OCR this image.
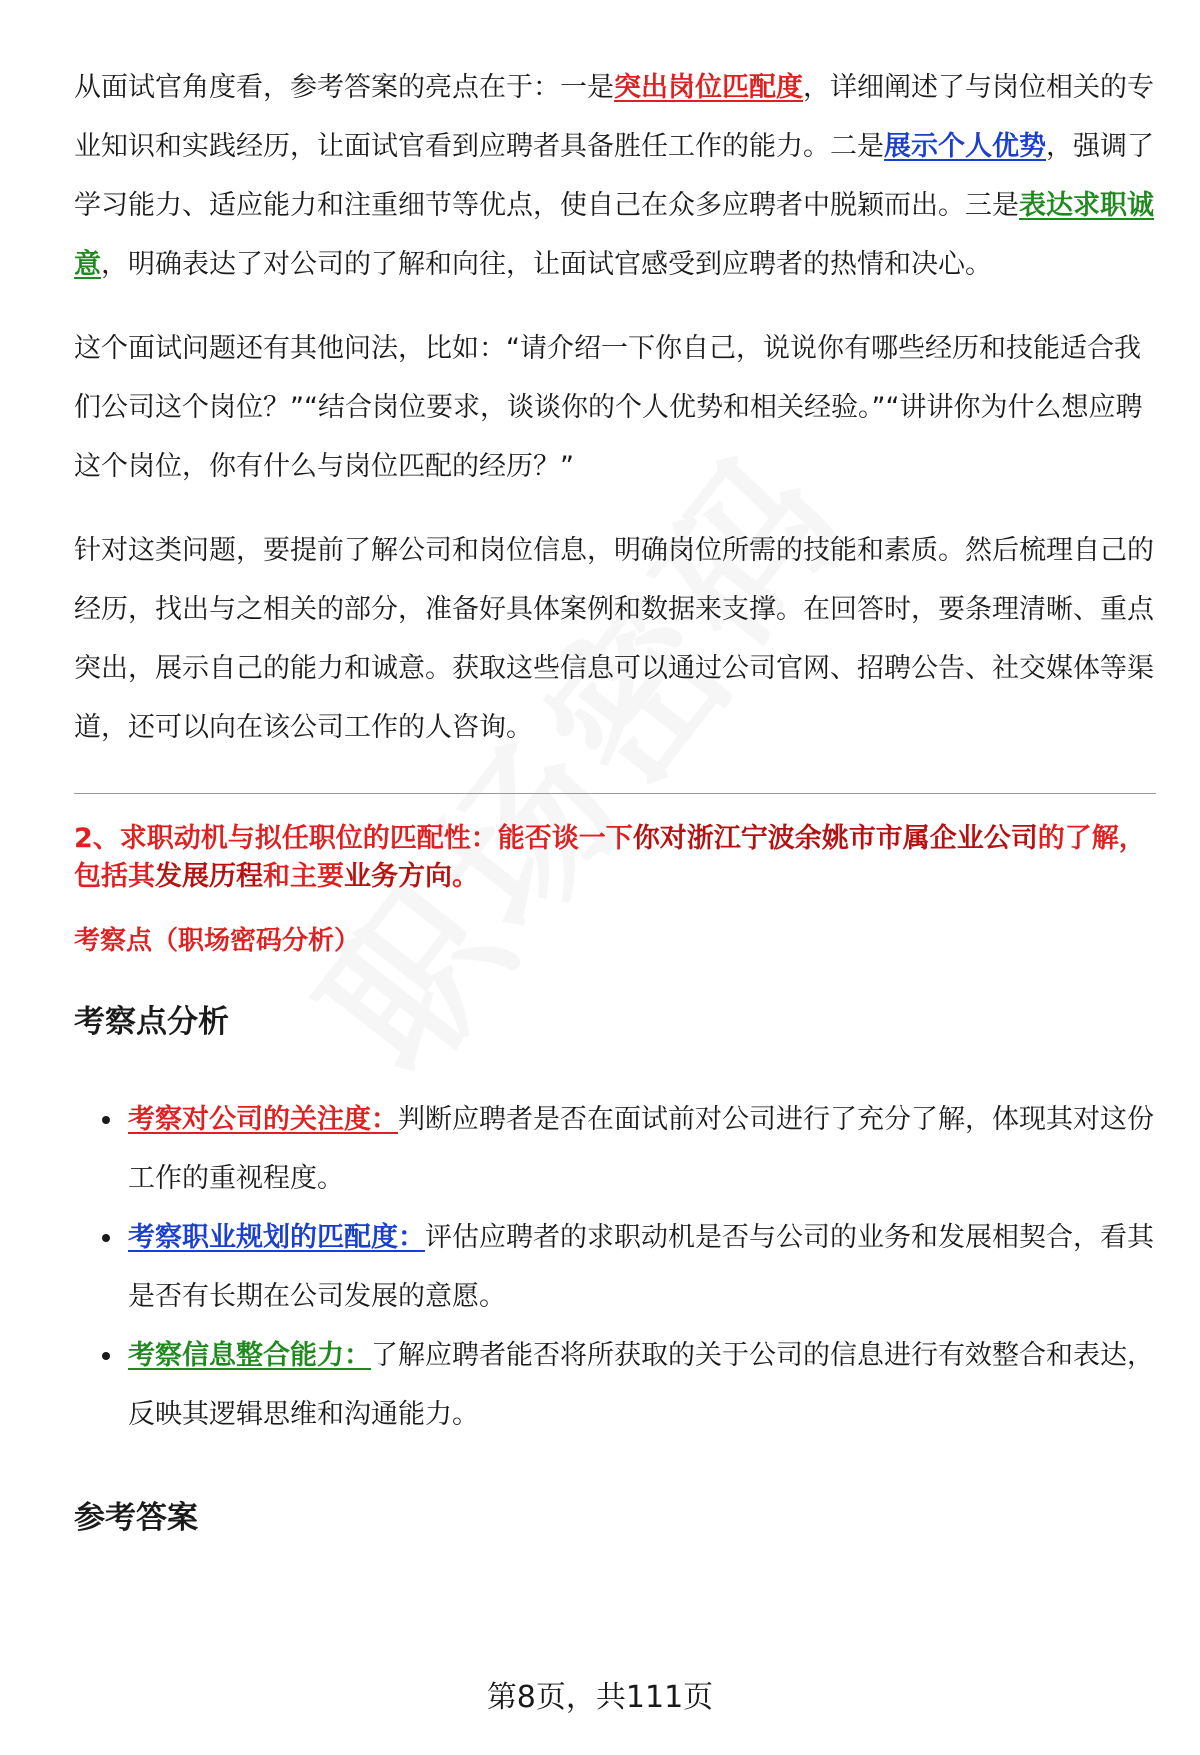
从面试官角度看，参考答案的亮点在于：一是突出岗位匹配度，详细阐述了与岗位相关的专业知识和实践经历，让面试官看到应聘者具备胜任工作的能力。二是展示个人优势，强调了学习能力、适应能力和注重细节等优点，使自己在众多应聘者中脱颖而出。三是表达求职诚意，明确表达了对公司的了解和向往，让面试官感受到应聘者的热情和决心。

这个面试问题还有其他问法，比如：“请介绍一下你自己，说说你有哪些经历和技能适合我们公司这个岗位？”“结合岗位要求，谈谈你的个人优势和相关经验。”“讲讲你为什么想应聘这个岗位，你有什么与岗位匹配的经历？”

针对这类问题，要提前了解公司和岗位信息，明确岗位所需的技能和素质。然后梳理自己的经历，找出与之相关的部分，准备好具体案例和数据来支撑。在回答时，要条理清晰、重点突出，展示自己的能力和诚意。获取这些信息可以通过公司官网、招聘公告、社交媒体等渠道，还可以向在该公司工作的人咨询。

2、求职动机与拟任职位的匹配性：能否谈一下你对浙江宁波余姚市市属企业公司的了解，包括其发展历程和主要业务方向。

考察点（职场密码分析）

考察点分析
考察对公司的关注度：判断应聘者是否在面试前对公司进行了充分了解，体现其对这份工作的重视程度。
考察职业规划的匹配度：评估应聘者的求职动机是否与公司的业务和发展相契合，看其是否有长期在公司发展的意愿。
考察信息整合能力：了解应聘者能否将所获取的关于公司的信息进行有效整合和表达，反映其逻辑思维和沟通能力。
参考答案
第8页，共111页
